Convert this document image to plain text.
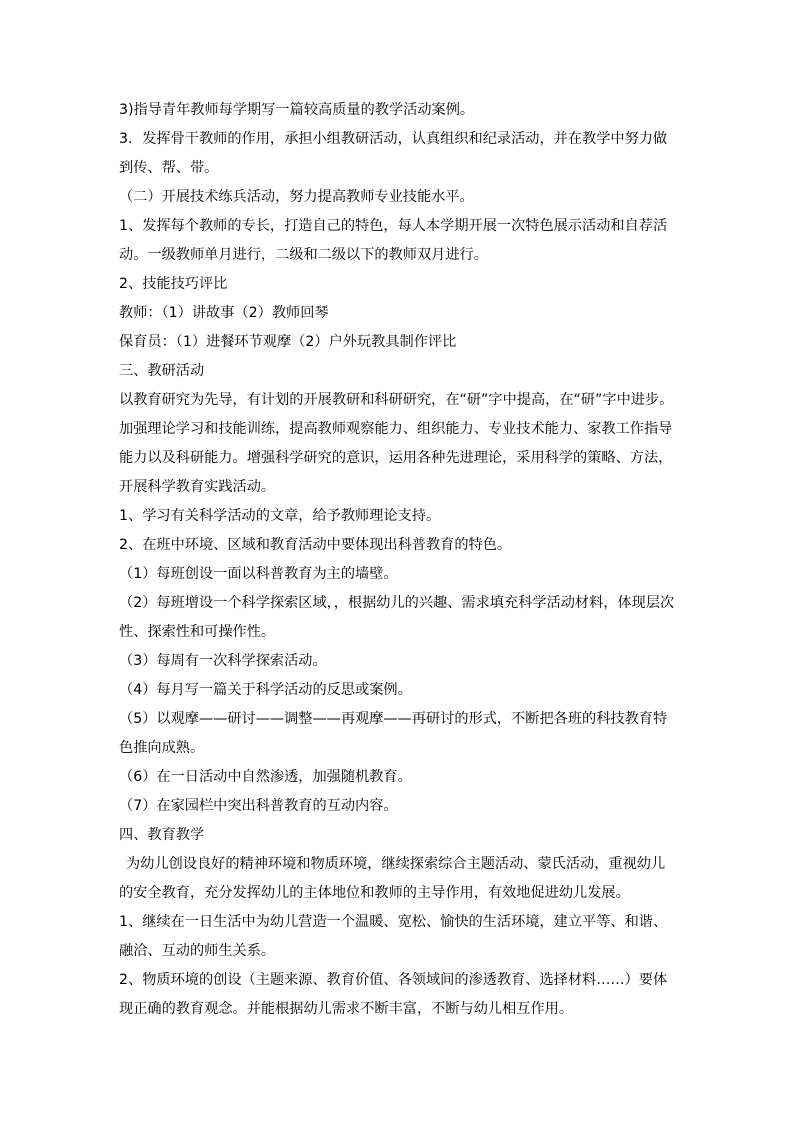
3)指导青年教师每学期写一篇较高质量的教学活动案例。

3．发挥骨干教师的作用，承担小组教研活动，认真组织和纪录活动，并在教学中努力做到传、帮、带。

（二）开展技术练兵活动，努力提高教师专业技能水平。

1、发挥每个教师的专长，打造自己的特色，每人本学期开展一次特色展示活动和自荐活动。一级教师单月进行，二级和二级以下的教师双月进行。

2、技能技巧评比

教师：（1）讲故事（2）教师回琴

保育员：（1）进餐环节观摩（2）户外玩教具制作评比

三、教研活动

以教育研究为先导，有计划的开展教研和科研研究，在“研”字中提高，在“研”字中进步。加强理论学习和技能训练，提高教师观察能力、组织能力、专业技术能力、家教工作指导能力以及科研能力。增强科学研究的意识，运用各种先进理论，采用科学的策略、方法，开展科学教育实践活动。

1、学习有关科学活动的文章，给予教师理论支持。

2、在班中环境、区域和教育活动中要体现出科普教育的特色。

（1）每班创设一面以科普教育为主的墙壁。

（2）每班增设一个科学探索区域，，根据幼儿的兴趣、需求填充科学活动材料，体现层次性、探索性和可操作性。

（3）每周有一次科学探索活动。

（4）每月写一篇关于科学活动的反思或案例。

（5）以观摩——研讨——调整——再观摩——再研讨的形式，不断把各班的科技教育特色推向成熟。

（6）在一日活动中自然渗透，加强随机教育。

（7）在家园栏中突出科普教育的互动内容。

四、教育教学

为幼儿创设良好的精神环境和物质环境，继续探索综合主题活动、蒙氏活动，重视幼儿的安全教育，充分发挥幼儿的主体地位和教师的主导作用，有效地促进幼儿发展。

1、继续在一日生活中为幼儿营造一个温暖、宽松、愉快的生活环境，建立平等、和谐、融洽、互动的师生关系。

2、物质环境的创设（主题来源、教育价值、各领域间的渗透教育、选择材料……）要体现正确的教育观念。并能根据幼儿需求不断丰富，不断与幼儿相互作用。
